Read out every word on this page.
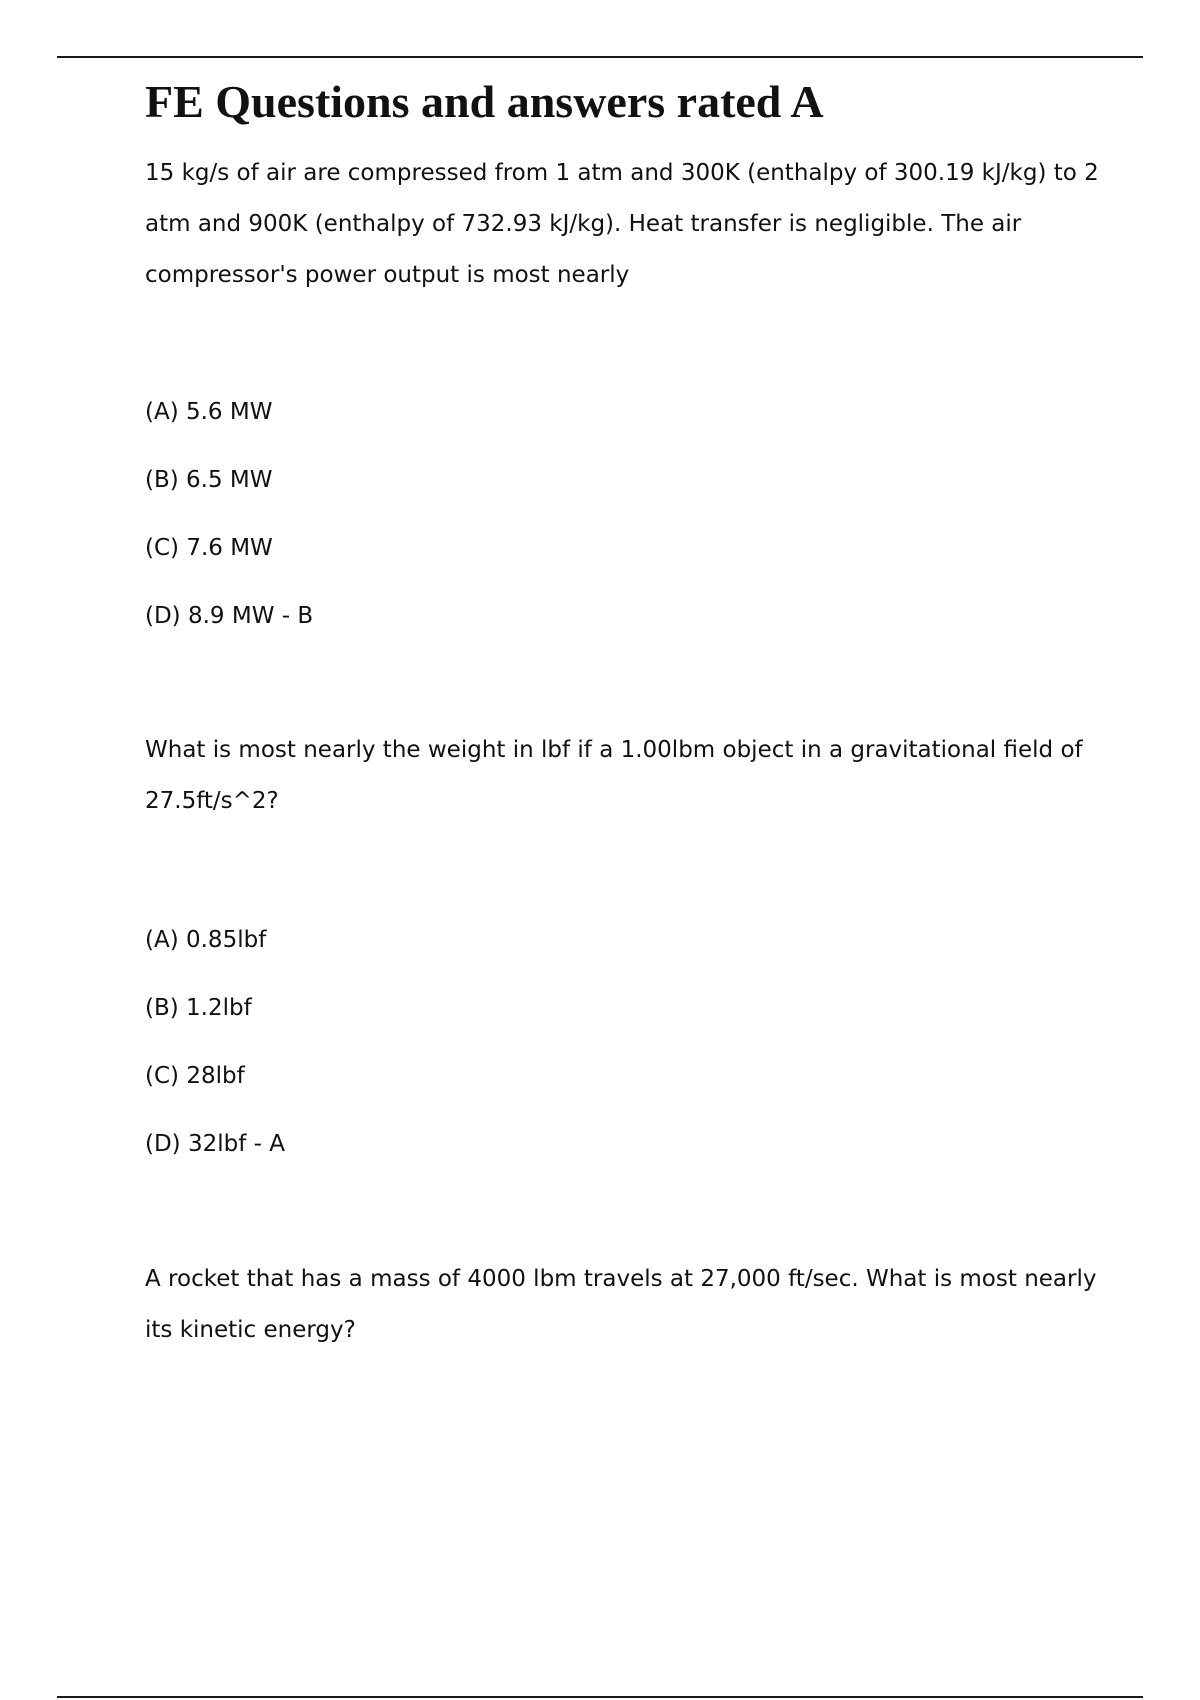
FE Questions and answers rated A

15 kg/s of air are compressed from 1 atm and 300K (enthalpy of 300.19 kJ/kg) to 2 atm and 900K (enthalpy of 732.93 kJ/kg). Heat transfer is negligible. The air compressor's power output is most nearly

(A) 5.6 MW
(B) 6.5 MW
(C) 7.6 MW
(D) 8.9 MW - B

What is most nearly the weight in lbf if a 1.00lbm object in a gravitational field of 27.5ft/s^2?

(A) 0.85lbf
(B) 1.2lbf
(C) 28lbf
(D) 32lbf - A

A rocket that has a mass of 4000 lbm travels at 27,000 ft/sec. What is most nearly its kinetic energy?
